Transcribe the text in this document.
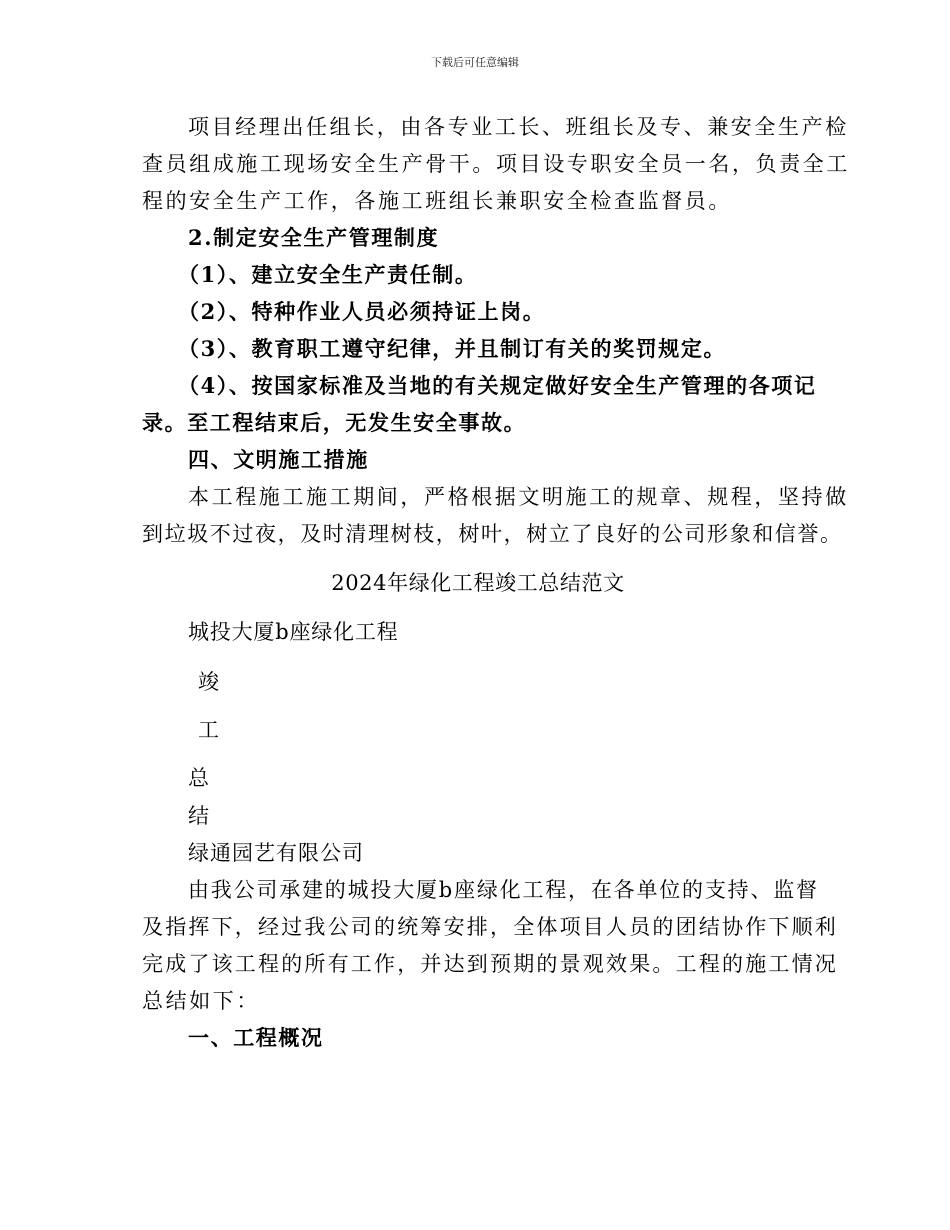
下载后可任意编辑
项目经理出任组长，由各专业工长、班组长及专、兼安全生产检
查员组成施工现场安全生产骨干。项目设专职安全员一名，负责全工
程的安全生产工作，各施工班组长兼职安全检查监督员。
2.制定安全生产管理制度
（1）、建立安全生产责任制。
（2）、特种作业人员必须持证上岗。
（3）、教育职工遵守纪律，并且制订有关的奖罚规定。
（4）、按国家标准及当地的有关规定做好安全生产管理的各项记
录。至工程结束后，无发生安全事故。
四、文明施工措施
本工程施工施工期间，严格根据文明施工的规章、规程，坚持做
到垃圾不过夜，及时清理树枝，树叶，树立了良好的公司形象和信誉。
2024年绿化工程竣工总结范文
城投大厦b座绿化工程
竣
工
总
结
绿通园艺有限公司
由我公司承建的城投大厦b座绿化工程，在各单位的支持、监督
及指挥下，经过我公司的统筹安排，全体项目人员的团结协作下顺利
完成了该工程的所有工作，并达到预期的景观效果。工程的施工情况
总结如下：
一、工程概况
